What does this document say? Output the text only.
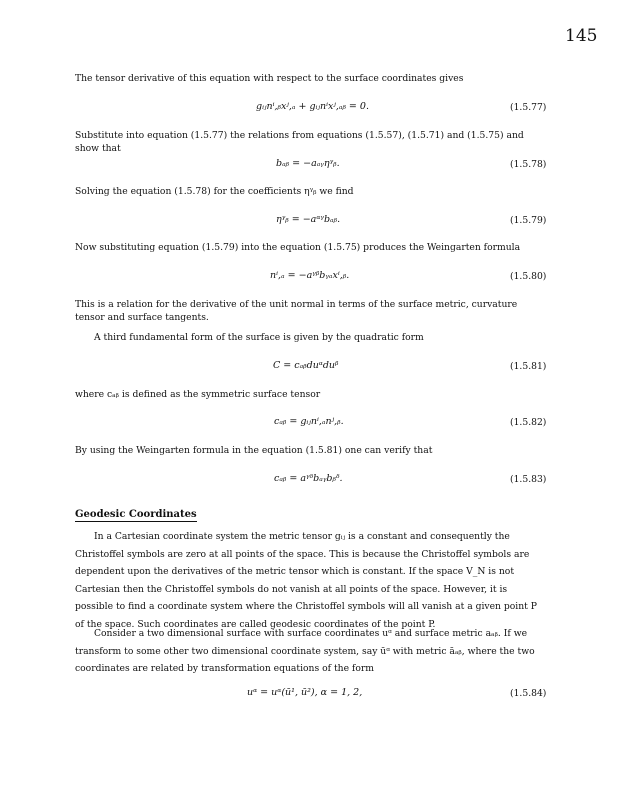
145
The tensor derivative of this equation with respect to the surface coordinates gives
gᵢⱼnⁱ,ᵦxʲ,ₐ + gᵢⱼnⁱxʲ,ₐᵦ = 0.	(1.5.77)
Substitute into equation (1.5.77) the relations from equations (1.5.57), (1.5.71) and (1.5.75) and show that
bₐᵦ = −aₐᵧηᵞᵦ.	(1.5.78)
Solving the equation (1.5.78) for the coefficients ηᵞᵦ we find
ηᵞᵦ = −aᵅᵞbₐᵦ.	(1.5.79)
Now substituting equation (1.5.79) into the equation (1.5.75) produces the Weingarten formula
nⁱ,ₐ = −aᵞᵝbᵧₐxⁱ,ᵦ.	(1.5.80)
This is a relation for the derivative of the unit normal in terms of the surface metric, curvature tensor and surface tangents.
A third fundamental form of the surface is given by the quadratic form
C = cₐᵦduᵅduᵝ	(1.5.81)
where cₐᵦ is defined as the symmetric surface tensor
cₐᵦ = gᵢⱼnⁱ,ₐnʲ,ᵦ.	(1.5.82)
By using the Weingarten formula in the equation (1.5.81) one can verify that
cₐᵦ = aᵞᵟbₐᵧbᵦᵟ.	(1.5.83)
Geodesic Coordinates
In a Cartesian coordinate system the metric tensor gᵢⱼ is a constant and consequently the Christoffel symbols are zero at all points of the space. This is because the Christoffel symbols are dependent upon the derivatives of the metric tensor which is constant. If the space V_N is not Cartesian then the Christoffel symbols do not vanish at all points of the space. However, it is possible to find a coordinate system where the Christoffel symbols will all vanish at a given point P of the space. Such coordinates are called geodesic coordinates of the point P.
Consider a two dimensional surface with surface coordinates uᵅ and surface metric aₐᵦ. If we transform to some other two dimensional coordinate system, say ūᵅ with metric āₐᵦ, where the two coordinates are related by transformation equations of the form
uᵅ = uᵅ(ū¹, ū²), α = 1, 2,	(1.5.84)
